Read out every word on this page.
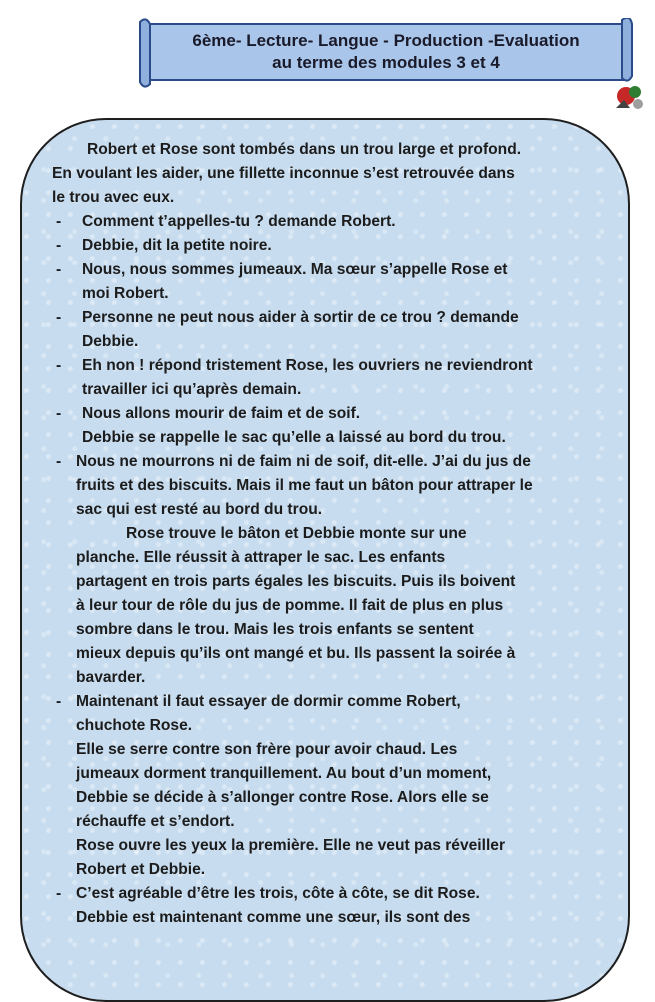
6ème- Lecture- Langue - Production -Evaluation
au terme des modules 3 et 4
Robert et Rose sont tombés dans un trou large et profond.
En voulant les aider, une fillette inconnue s’est retrouvée dans
le trou avec eux.
- Comment t’appelles-tu ? demande Robert.
- Debbie, dit la petite noire.
- Nous, nous sommes jumeaux. Ma sœur s’appelle Rose et
moi Robert.
- Personne ne peut nous aider à sortir de ce trou ? demande
Debbie.
- Eh non ! répond tristement Rose, les ouvriers ne reviendront
travailler ici qu’après demain.
- Nous allons mourir de faim et de soif.
Debbie se rappelle le sac qu’elle a laissé au bord du trou.
- Nous ne mourrons ni de faim ni de soif, dit-elle. J’ai du jus de
fruits et des biscuits. Mais il me faut un bâton pour attraper le
sac qui est resté au bord du trou.
Rose trouve le bâton et Debbie monte sur une
planche. Elle réussit à attraper le sac. Les enfants
partagent en trois parts égales les biscuits. Puis ils boivent
à leur tour de rôle du jus de pomme. Il fait de plus en plus
sombre dans le trou. Mais les trois enfants se sentent
mieux depuis qu’ils ont mangé et bu. Ils passent la soirée à
bavarder.
- Maintenant il faut essayer de dormir comme Robert,
chuchote Rose.
Elle se serre contre son frère pour avoir chaud. Les
jumeaux dorment tranquillement. Au bout d’un moment,
Debbie se décide à s’allonger contre Rose. Alors elle se
réchauffe et s’endort.
Rose ouvre les yeux la première. Elle ne veut pas réveiller
Robert et Debbie.
- C’est agréable d’être les trois, côte à côte, se dit Rose.
Debbie est maintenant comme une sœur, ils sont des
